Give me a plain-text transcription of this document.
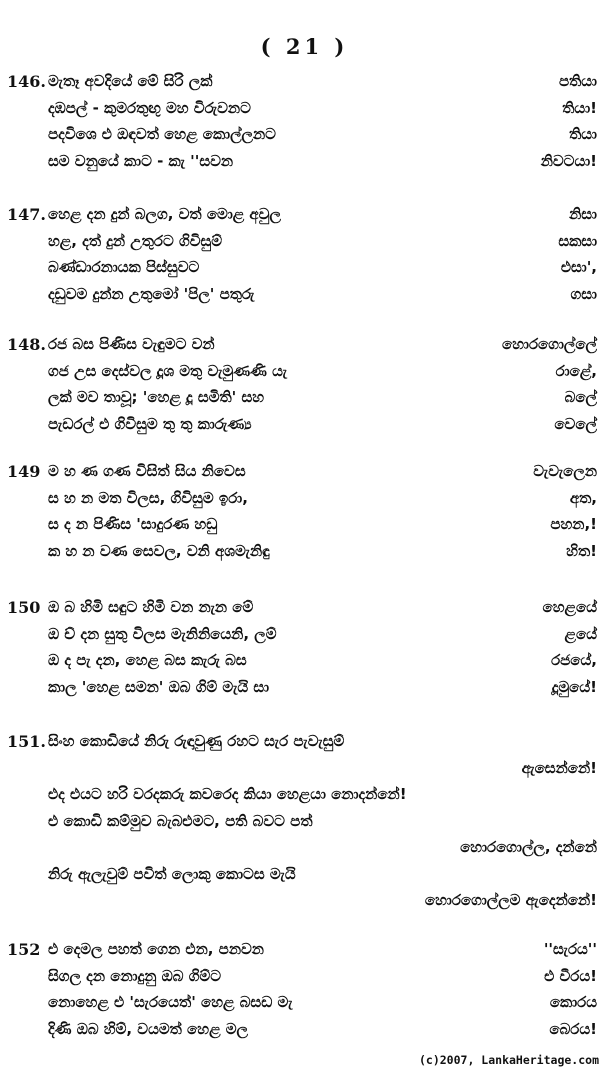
( 21 )
146. මැතෑ අවදියේ මේ සිරි ලක්	පතියා
දඹපල් - කුමරතුඟු මහ විරුවනට	තියා!
පදවිශෙ එ ඔඳවත් හෙළ කොල්ලනට	තියා
සම වනුයේ කාට - කැ ''සවන	නිවටයා!
147. හෙළ දන දුන් බලග, වත් මොළ අවුල	නිසා
හළ, දත් දුන් උතුරට ගිවිසුම්	සකසා
බණ්ඩාරනායක පිස්සුවට	එසා',
දඩුවම දුන්න උතුමෝ 'පිල' පතුරු	ගසා
148. රජ බස පිණිස වැඳුමට වන්	හොරගොල්ලේ
ගජ උස දෙස්වල දූශ මතු වැමුණණි යැ	රාළේ,
ලක් මව තාවූ; 'හෙළ දූ සමිති' සහ	බලේ
පැඩරල් එ ගිවිසුම තු තු කාරුණ්‍ය	වෙලේ
149 ම හ ණ ගණ විසිත් සිය නිවෙස	වැවැලෙන
ස හ න මත විලස, ගිවිසුම ඉරා,	අත,
ස ද න පිණිස 'සාදුරණ හඩු	පහන,!
ක හ න වණ සෙවල, වනි අශමැනිඳු	හිත!
150 ඔ බ හිමි සඳුට හිමි වන නැන මේ	හෙළයේ
ඔ ච් දන සුතු විලස මැනිනියෙනි, ලම්	ළයේ
ඔ ද පැ දන, හෙළ බස කැරු බස	රජයේ,
කාල 'හෙළ සමන' ඔබ ගිම් මැයි සා	දූමුයේ!
151. සිංහ කොඩියේ නිරු රුඳාවුණු රහට සැර පැවැසුම්
ඇසෙන්නේ!
එද එයට හරි වරදකරු කවරෙද කියා හෙළයා නොදන්නේ!
එ කොඩි කම්මුව බැබළුමට, පති බවට පත්
හොරගොල්ල, දන්නේ
නිරු ඇලැවුම් පවිත් ලොකු කොටස මැයි
හොරගොල්ලම ඇදෙන්නේ!
152 එ දෙමල පහත් ගෙන එන, පනවන	''සැරය''
සිගල දන නොදුනු ඔබ ගිම්ට	එ වීරය!
නොහෙළ එ 'සැරයෙත්' හෙළ බසඩ මැ	කොරය
දිණි ඔබ හිම්, වයමත් හෙළ මල	බෙරය!
(c)2007, LankaHeritage.com
